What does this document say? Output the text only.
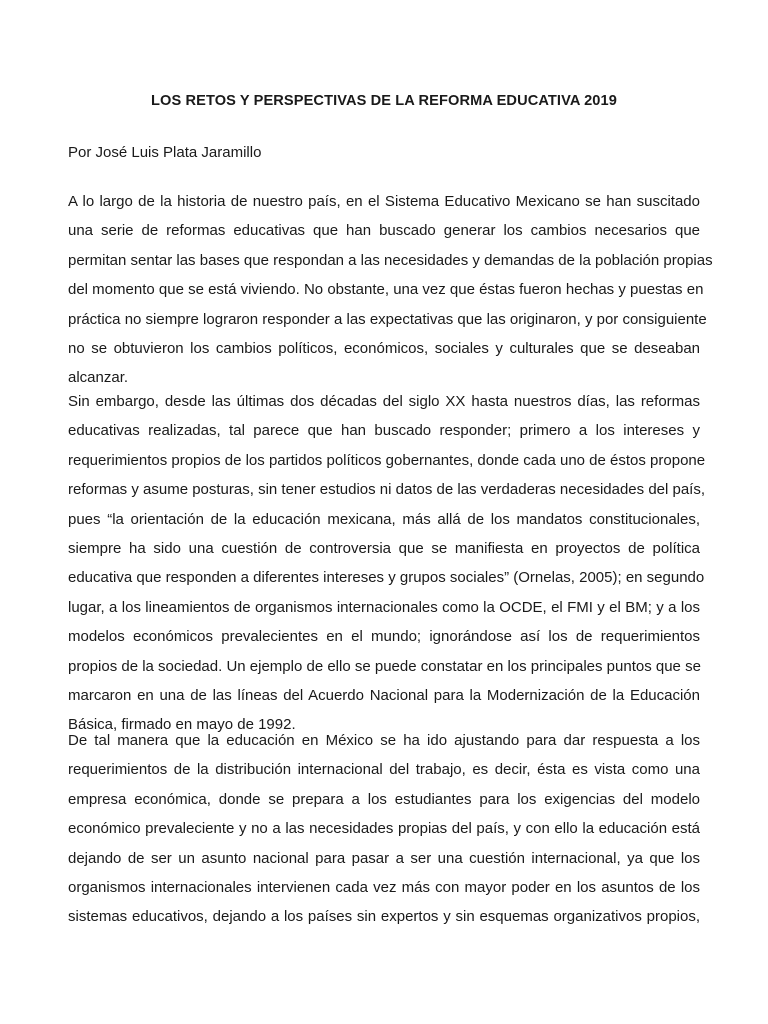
LOS RETOS Y PERSPECTIVAS DE LA REFORMA EDUCATIVA 2019

Por José Luis Plata Jaramillo

A lo largo de la historia de nuestro país, en el Sistema Educativo Mexicano se han suscitado
una serie de reformas educativas que han buscado generar los cambios necesarios que
permitan sentar las bases que respondan a las necesidades y demandas de la población propias
del momento que se está viviendo. No obstante, una vez que éstas fueron hechas y puestas en
práctica no siempre lograron responder a las expectativas que las originaron, y por consiguiente
no se obtuvieron los cambios políticos, económicos, sociales y culturales que se deseaban
alcanzar.
Sin embargo, desde las últimas dos décadas del siglo XX hasta nuestros días, las reformas
educativas realizadas, tal parece que han buscado responder; primero a los intereses y
requerimientos propios de los partidos políticos gobernantes, donde cada uno de éstos propone
reformas y asume posturas, sin tener estudios ni datos de las verdaderas necesidades del país,
pues “la orientación de la educación mexicana, más allá de los mandatos constitucionales,
siempre ha sido una cuestión de controversia que se manifiesta en proyectos de política
educativa que responden a diferentes intereses y grupos sociales” (Ornelas, 2005); en segundo
lugar, a los lineamientos de organismos internacionales como la OCDE, el FMI y el BM; y a los
modelos económicos prevalecientes en el mundo; ignorándose así los de requerimientos
propios de la sociedad. Un ejemplo de ello se puede constatar en los principales puntos que se
marcaron en una de las líneas del Acuerdo Nacional para la Modernización de la Educación
Básica, firmado en mayo de 1992.
De tal manera que la educación en México se ha ido ajustando para dar respuesta a los
requerimientos de la distribución internacional del trabajo, es decir, ésta es vista como una
empresa económica, donde se prepara a los estudiantes para los exigencias del modelo
económico prevaleciente y no a las necesidades propias del país, y con ello la educación está
dejando de ser un asunto nacional para pasar a ser una cuestión internacional, ya que los
organismos internacionales intervienen cada vez más con mayor poder en los asuntos de los
sistemas educativos, dejando a los países sin expertos y sin esquemas organizativos propios,
